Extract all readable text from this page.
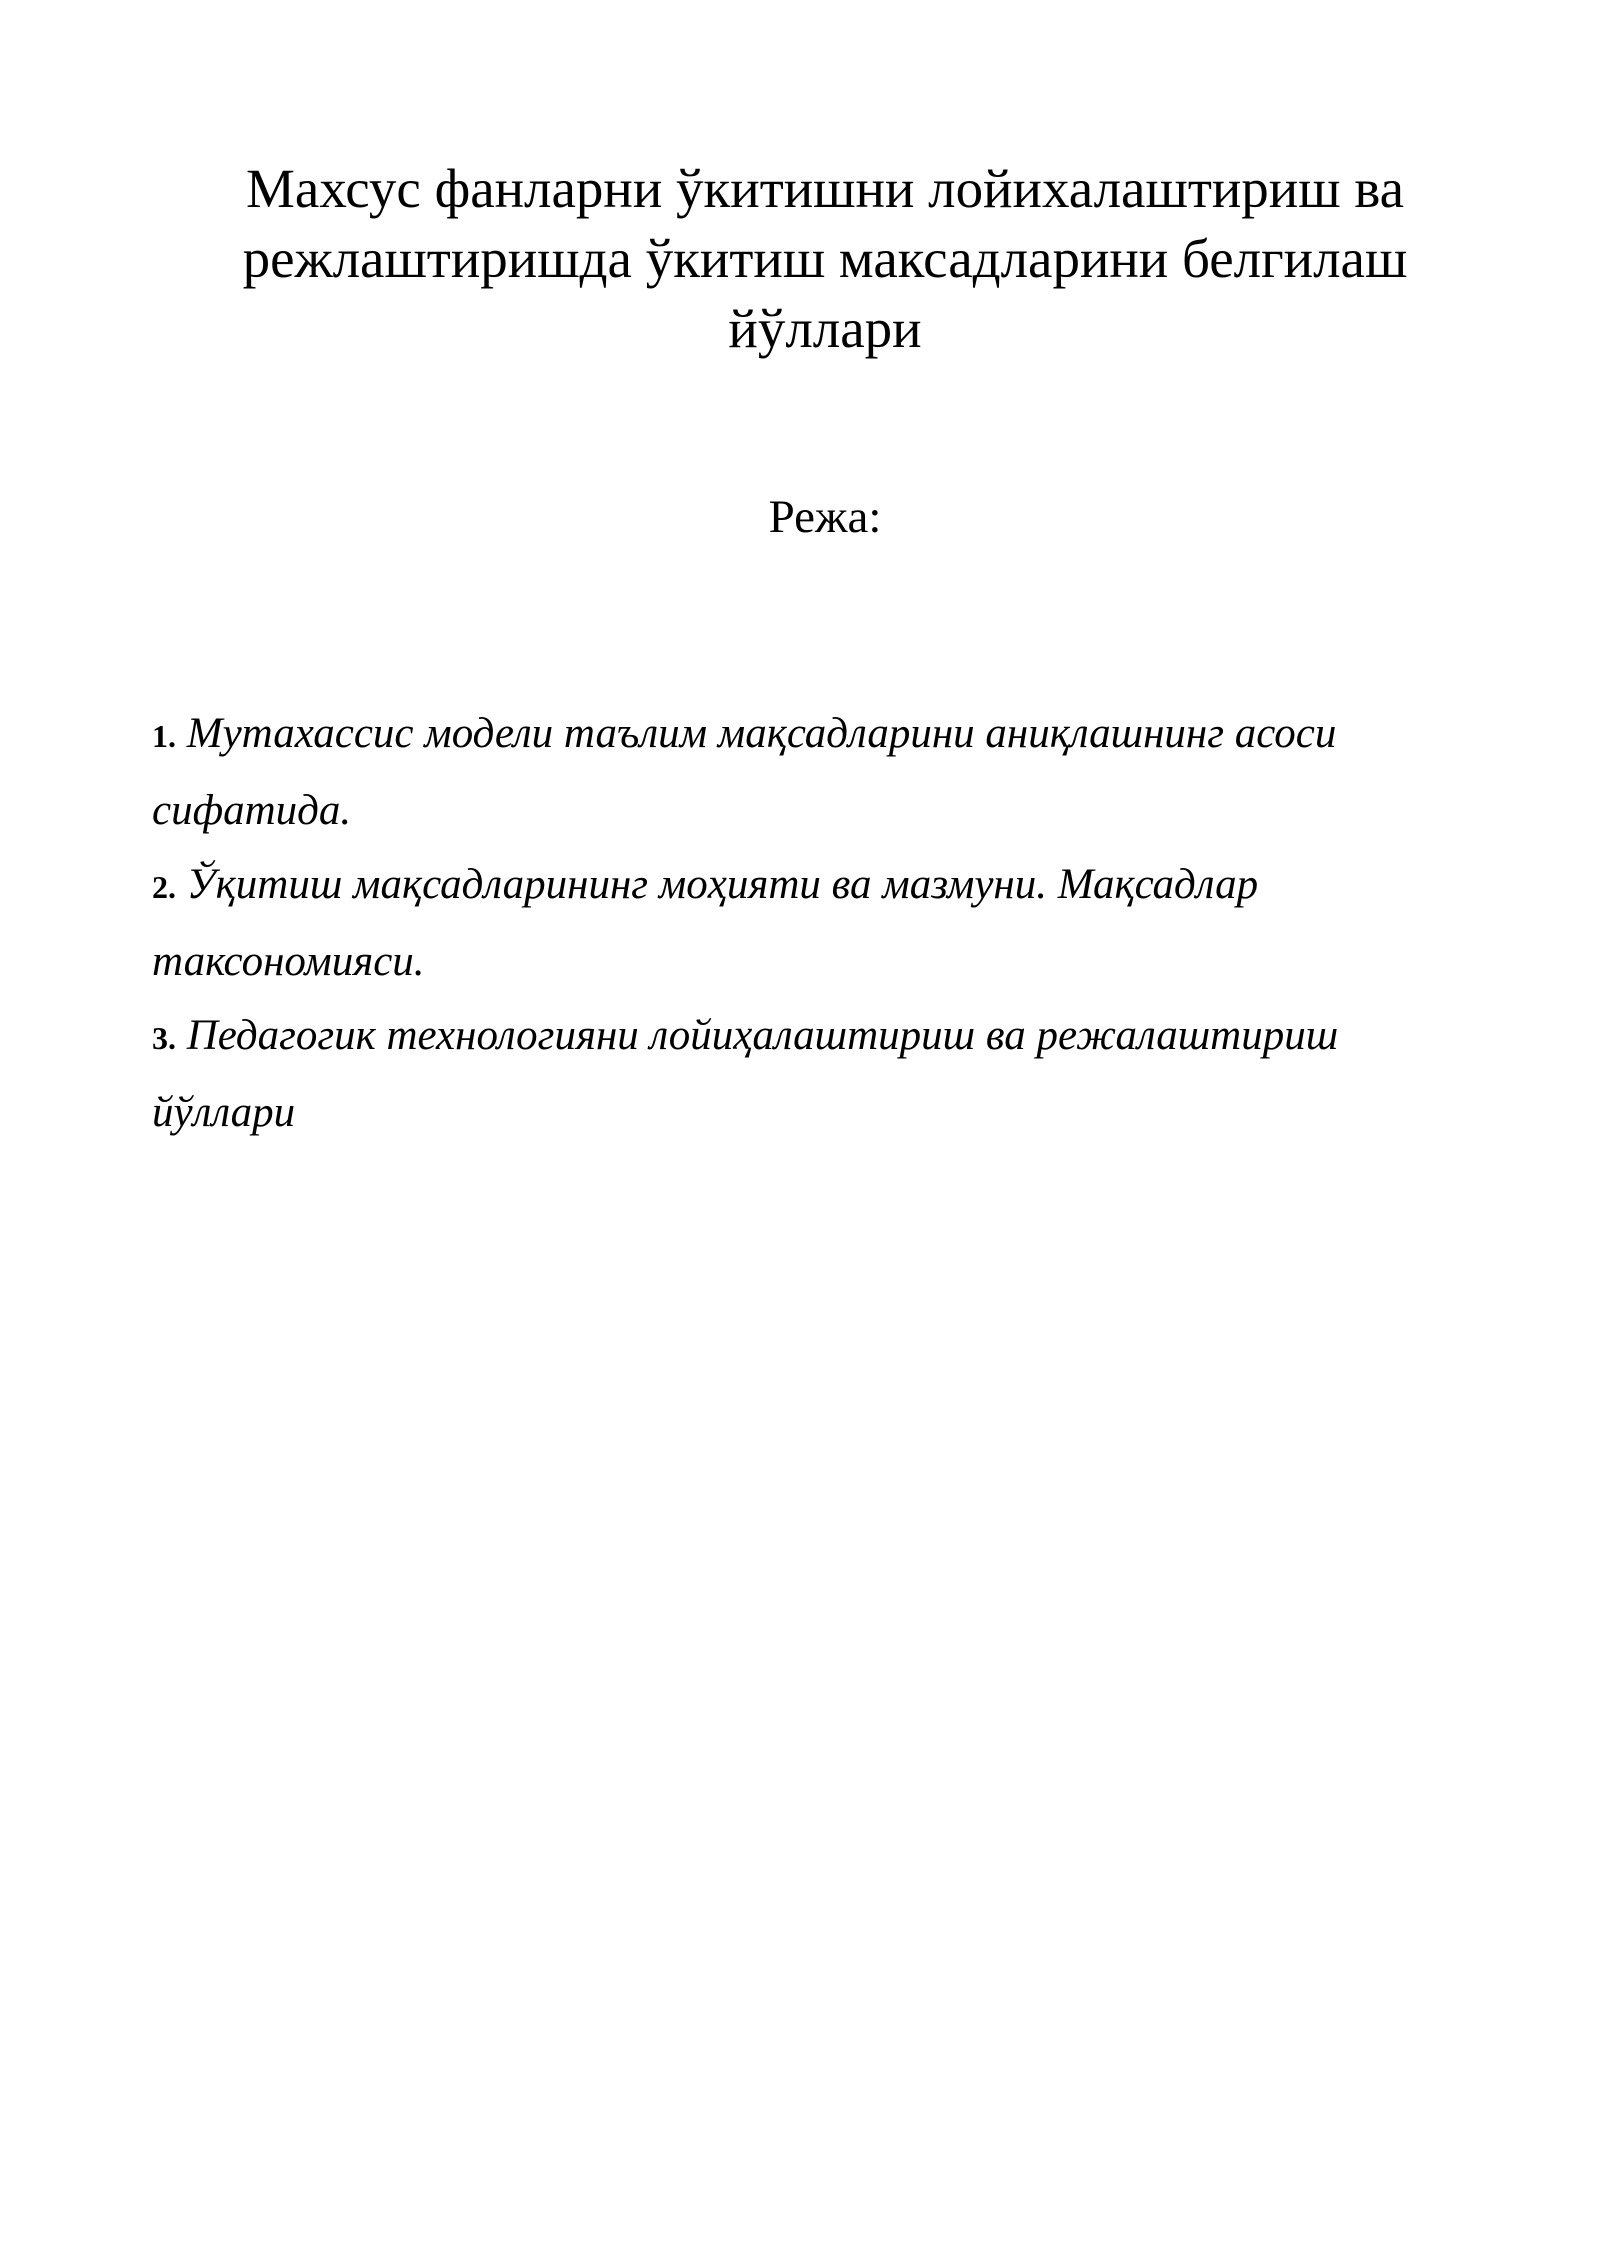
Махсус фанларни ўкитишни лойихалаштириш ва
режлаштиришда ўкитиш максадларини белгилаш
йўллари
Режа:
1. Мутахассис модели таълим мақсадларини аниқлашнинг асоси сифатида.
2. Ўқитиш мақсадларининг моҳияти ва мазмуни. Мақсадлар таксономияси.
3. Педагогик технологияни лойиҳалаштириш ва режалаштириш йўллари
